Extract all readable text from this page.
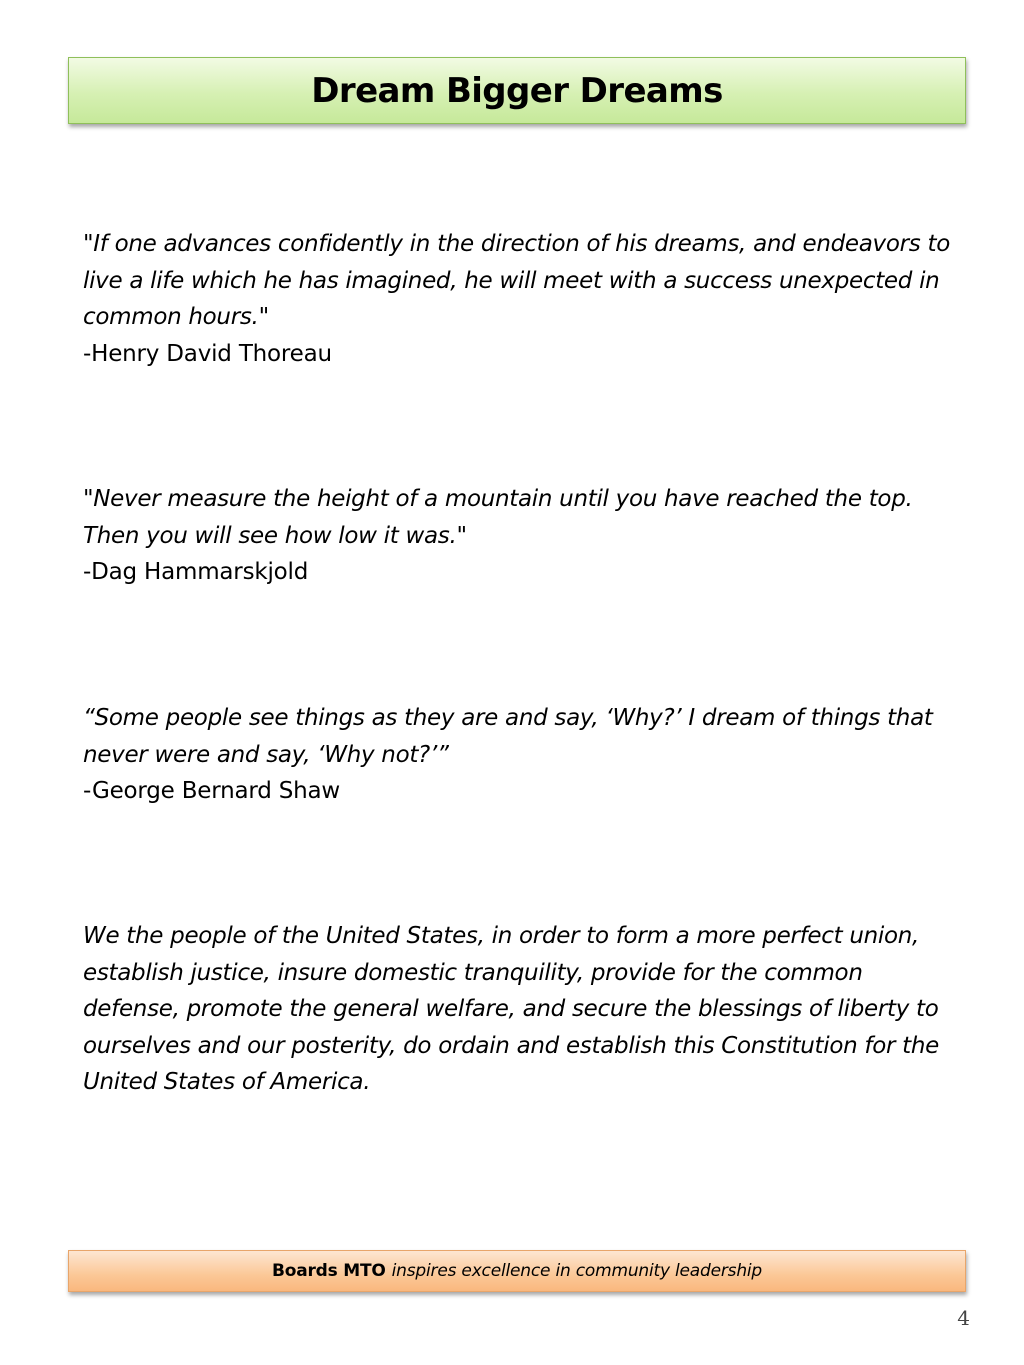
Dream Bigger Dreams
"If one advances confidently in the direction of his dreams, and endeavors to live a life which he has imagined, he will meet with a success unexpected in common hours."
-Henry David Thoreau
"Never measure the height of a mountain until you have reached the top. Then you will see how low it was."
-Dag Hammarskjold
“Some people see things as they are and say, ‘Why?’ I dream of things that never were and say, ‘Why not?’”
-George Bernard Shaw
We the people of the United States, in order to form a more perfect union, establish justice, insure domestic tranquility, provide for the common defense, promote the general welfare, and secure the blessings of liberty to ourselves and our posterity, do ordain and establish this Constitution for the United States of America.
Boards MTO inspires excellence in community leadership
4
